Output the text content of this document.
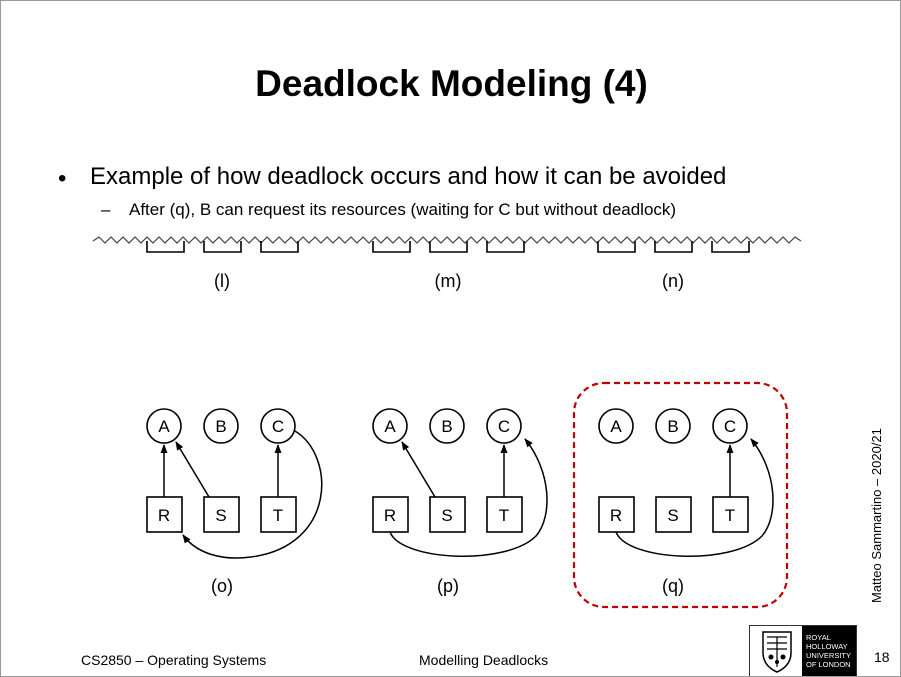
Deadlock Modeling (4)
• Example of how deadlock occurs and how it can be avoided
– After (q), B can request its resources (waiting for C but without deadlock)
(l)	(m)	(n)
A	B	C
R	S	T
(o)
A	B	C
R	S	T
(p)
A	B	C
R	S	T
(q)	Matteo Sammartino – 2020/21
CS2850 – Operating Systems	Modelling Deadlocks
ROYAL
HOLLOWAY
UNIVERSITY
OF LONDON	18
